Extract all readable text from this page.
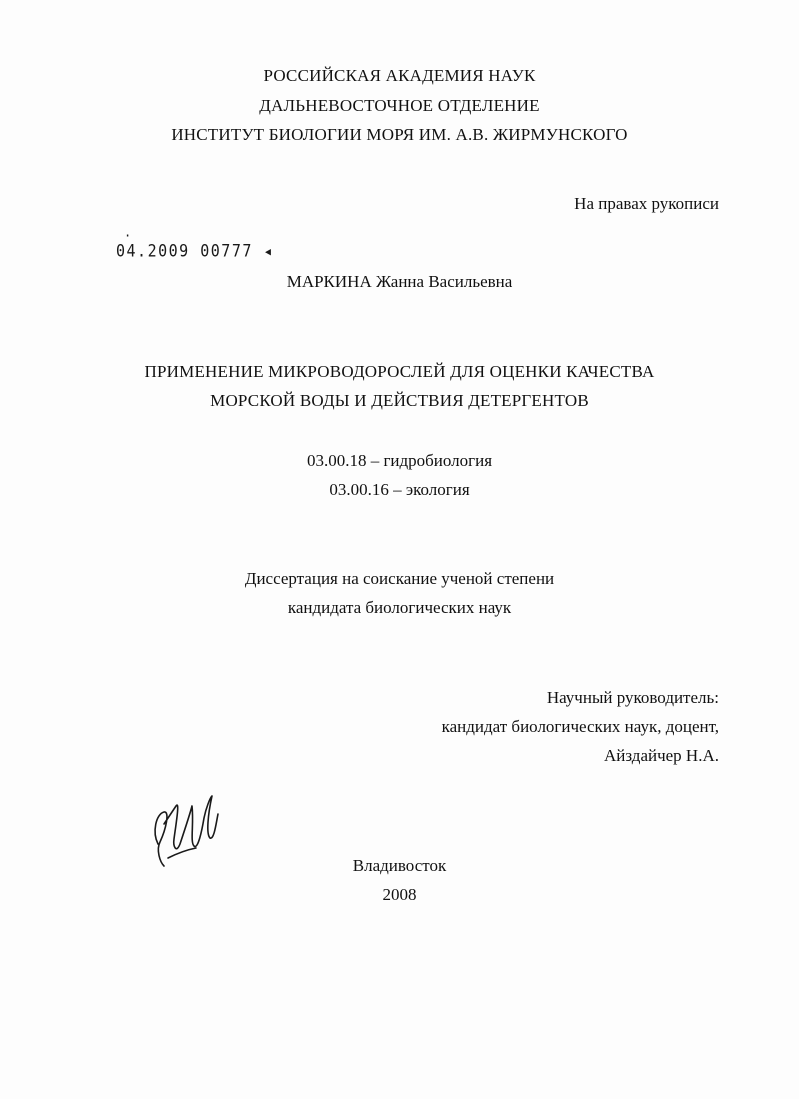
РОССИЙСКАЯ АКАДЕМИЯ НАУК
ДАЛЬНЕВОСТОЧНОЕ ОТДЕЛЕНИЕ
ИНСТИТУТ БИОЛОГИИ МОРЯ ИМ. А.В. ЖИРМУНСКОГО
На правах рукописи
·
04.2009 00777 ◂
МАРКИНА Жанна Васильевна
ПРИМЕНЕНИЕ МИКРОВОДОРОСЛЕЙ ДЛЯ ОЦЕНКИ КАЧЕСТВА
МОРСКОЙ ВОДЫ И ДЕЙСТВИЯ ДЕТЕРГЕНТОВ
03.00.18 – гидробиология
03.00.16 – экология
Диссертация на соискание ученой степени
кандидата биологических наук
Научный руководитель:
кандидат биологических наук, доцент,
Айздайчер Н.А.
Владивосток
2008
